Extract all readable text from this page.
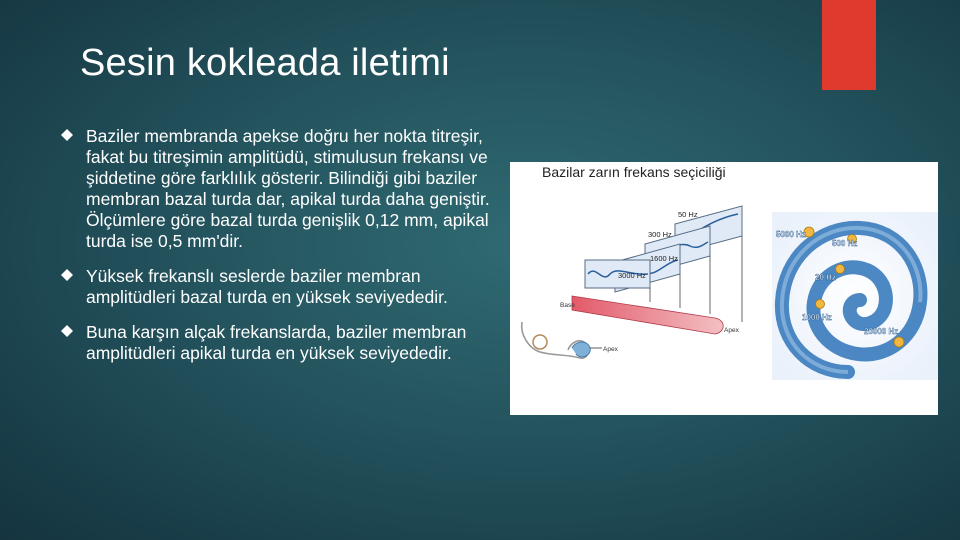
Sesin kokleada iletimi
Baziler membranda apekse doğru her nokta titreşir, fakat bu titreşimin amplitüdü, stimulusun frekansı ve şiddetine göre farklılık gösterir. Bilindiği gibi baziler membran bazal turda dar, apikal turda daha geniştir. Ölçümlere göre bazal turda genişlik 0,12 mm, apikal turda ise 0,5 mm'dir.
Yüksek frekanslı seslerde baziler membran amplitüdleri bazal turda en yüksek seviyededir.
Buna karşın alçak frekanslarda, baziler membran amplitüdleri apikal turda en yüksek seviyededir.
Bazilar zarın frekans seçiciliği
50 Hz
300 Hz
1600 Hz
3000 Hz
Base
Apex
Apex
5000 Hz
500 Hz
20 Hz
1000 Hz
20000 Hz
